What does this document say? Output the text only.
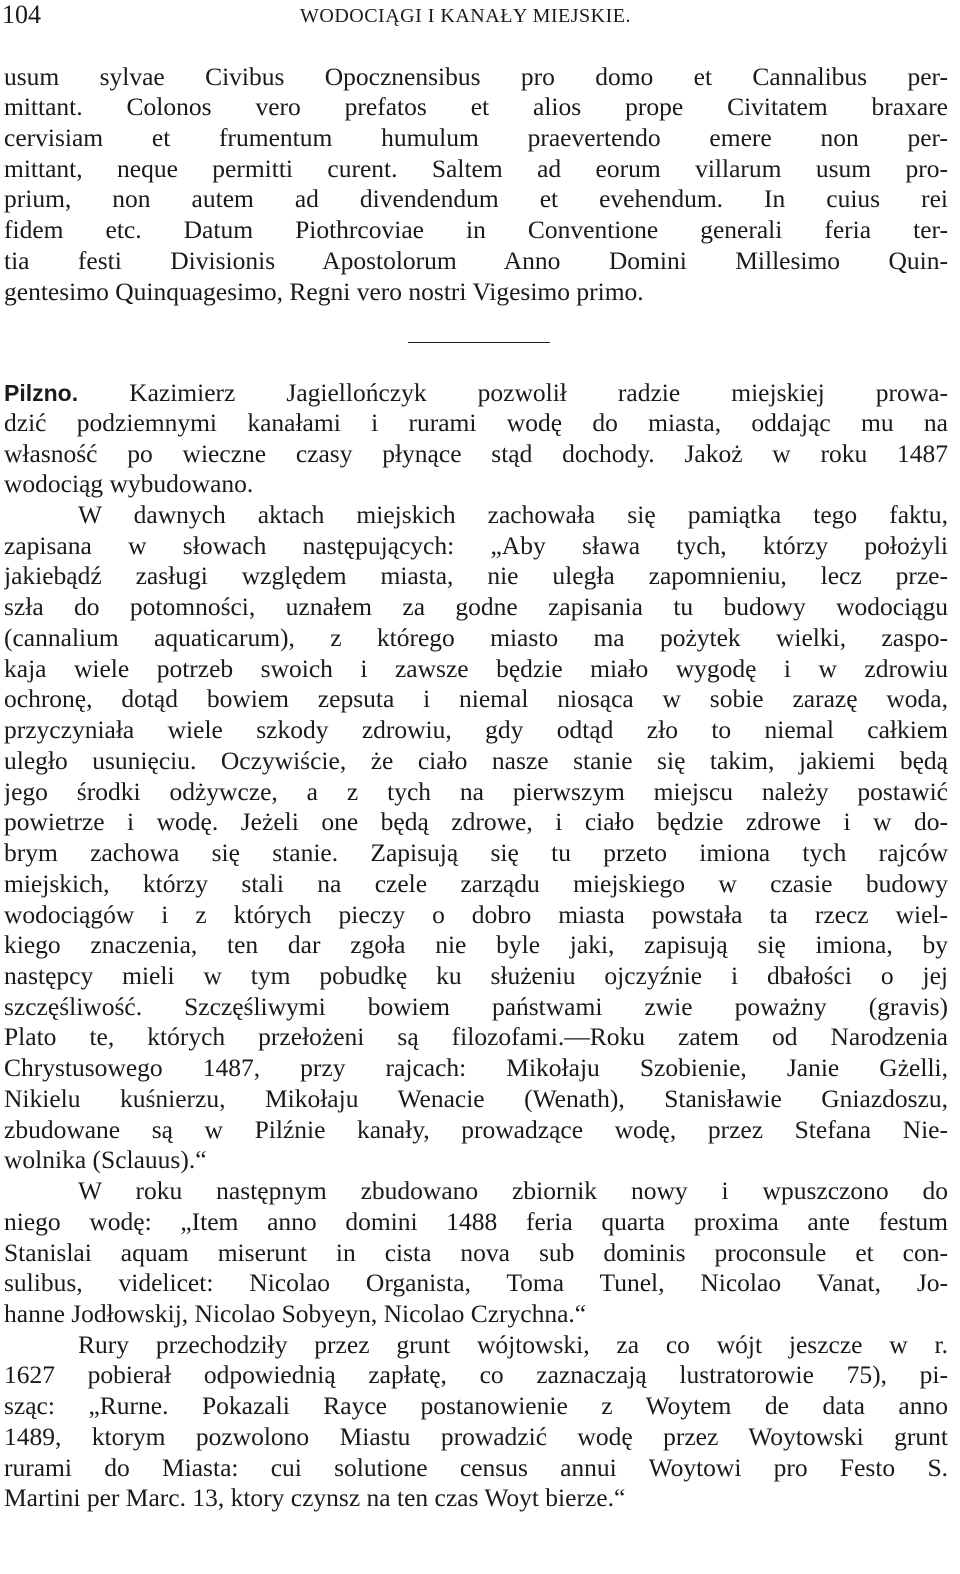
104	WODOCIĄGI I KANAŁY MIEJSKIE.
usum sylvae Civibus Opocznensibus pro domo et Cannalibus per-
mittant. Colonos vero prefatos et alios prope Civitatem braxare
cervisiam et frumentum humulum praevertendo emere non per-
mittant, neque permitti curent. Saltem ad eorum villarum usum pro-
prium, non autem ad divendendum et evehendum. In cuius rei
fidem etc. Datum Piothrcoviae in Conventione generali feria ter-
tia festi Divisionis Apostolorum Anno Domini Millesimo Quin-
gentesimo Quinquagesimo, Regni vero nostri Vigesimo primo.
Pilzno. Kazimierz Jagiellończyk pozwolił radzie miejskiej prowa-
dzić podziemnymi kanałami i rurami wodę do miasta, oddając mu na
własność po wieczne czasy płynące stąd dochody. Jakoż w roku 1487
wodociąg wybudowano.
W dawnych aktach miejskich zachowała się pamiątka tego faktu,
zapisana w słowach następujących: „Aby sława tych, którzy położyli
jakiebądź zasługi względem miasta, nie uległa zapomnieniu, lecz prze-
szła do potomności, uznałem za godne zapisania tu budowy wodociągu
(cannalium aquaticarum), z którego miasto ma pożytek wielki, zaspo-
kaja wiele potrzeb swoich i zawsze będzie miało wygodę i w zdrowiu
ochronę, dotąd bowiem zepsuta i niemal niosąca w sobie zarazę woda,
przyczyniała wiele szkody zdrowiu, gdy odtąd zło to niemal całkiem
uległo usunięciu. Oczywiście, że ciało nasze stanie się takim, jakiemi będą
jego środki odżywcze, a z tych na pierwszym miejscu należy postawić
powietrze i wodę. Jeżeli one będą zdrowe, i ciało będzie zdrowe i w do-
brym zachowa się stanie. Zapisują się tu przeto imiona tych rajców
miejskich, którzy stali na czele zarządu miejskiego w czasie budowy
wodociągów i z których pieczy o dobro miasta powstała ta rzecz wiel-
kiego znaczenia, ten dar zgoła nie byle jaki, zapisują się imiona, by
następcy mieli w tym pobudkę ku służeniu ojczyźnie i dbałości o jej
szczęśliwość. Szczęśliwymi bowiem państwami zwie poważny (gravis)
Plato te, których przełożeni są filozofami.—Roku zatem od Narodzenia
Chrystusowego 1487, przy rajcach: Mikołaju Szobienie, Janie Gżelli,
Nikielu kuśnierzu, Mikołaju Wenacie (Wenath), Stanisławie Gniazdoszu,
zbudowane są w Pilźnie kanały, prowadzące wodę, przez Stefana Nie-
wolnika (Sclauus).“
W roku następnym zbudowano zbiornik nowy i wpuszczono do
niego wodę: „Item anno domini 1488 feria quarta proxima ante festum
Stanislai aquam miserunt in cista nova sub dominis proconsule et con-
sulibus, videlicet: Nicolao Organista, Toma Tunel, Nicolao Vanat, Jo-
hanne Jodłowskij, Nicolao Sobyeyn, Nicolao Czrychna.“
Rury przechodziły przez grunt wójtowski, za co wójt jeszcze w r.
1627 pobierał odpowiednią zapłatę, co zaznaczają lustratorowie 75), pi-
sząc: „Rurne. Pokazali Rayce postanowienie z Woytem de data anno
1489, ktorym pozwolono Miastu prowadzić wodę przez Woytowski grunt
rurami do Miasta: cui solutione census annui Woytowi pro Festo S.
Martini per Marc. 13, ktory czynsz na ten czas Woyt bierze.“
